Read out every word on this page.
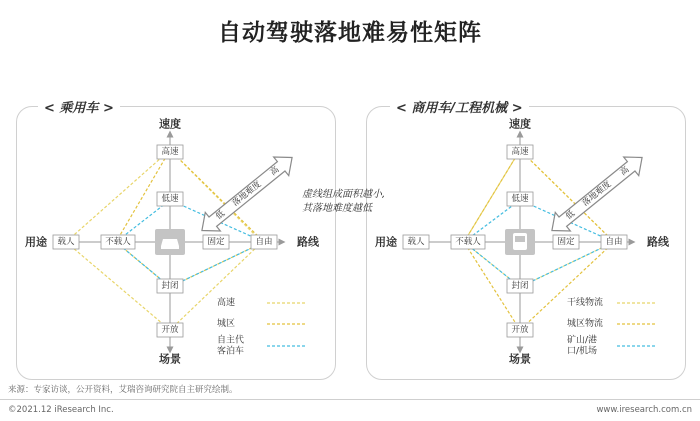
自动驾驶落地难易性矩阵
< 乘用车 >	< 商用车/工程机械 >
速度
场景
用途	路线
高速
低速
封闭
开放
载人	不载人	固定	自由
低
落地难度
高
高速
城区
自主代
客泊车
速度
场景
用途	路线
高速
低速
封闭
开放
载人	不载人	固定	自由
低
落地难度
高
干线物流
城区物流
矿山/港
口/机场
虚线组成面积越小,
其落地难度越低
来源：专家访谈，公开资料，艾瑞咨询研究院自主研究绘制。
©2021.12 iResearch Inc.	www.iresearch.com.cn
